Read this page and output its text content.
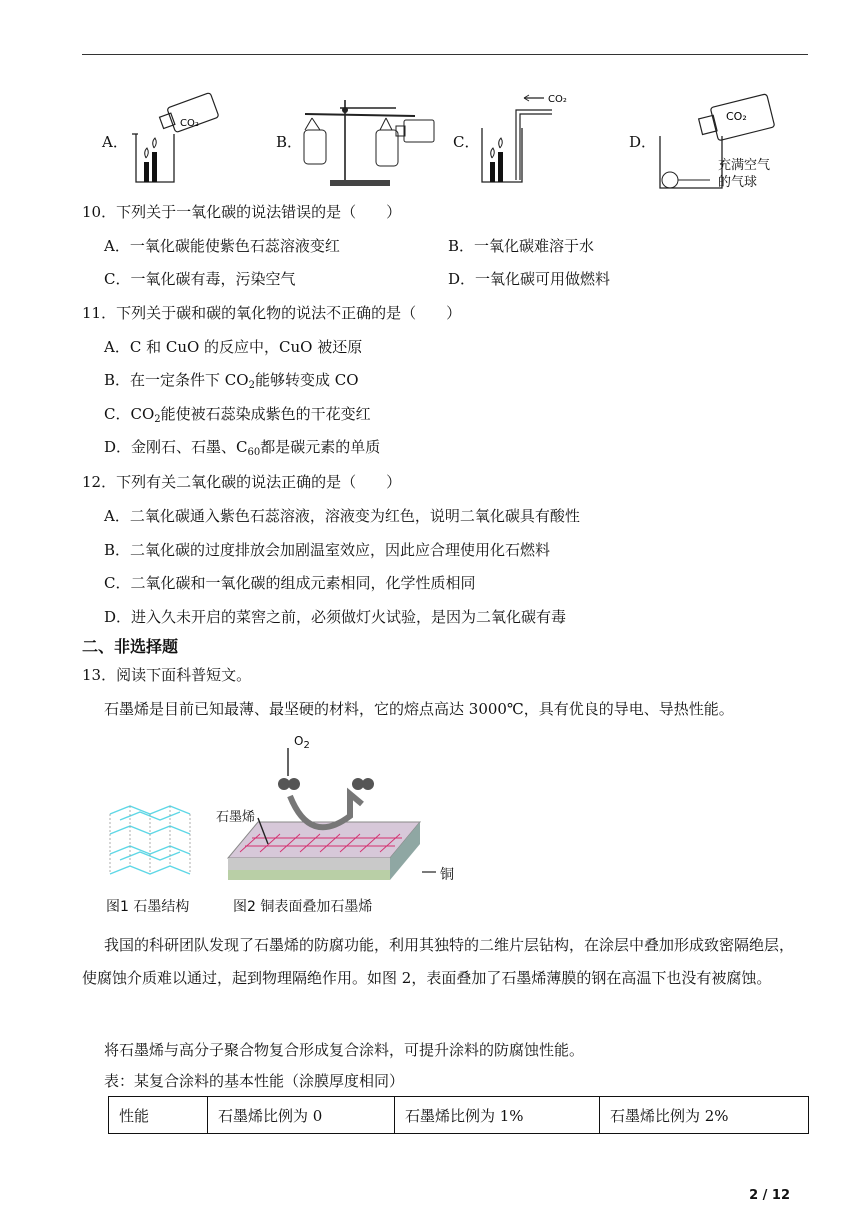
A．
CO₂
B．	C．
CO₂
D．
CO₂
充满空气
的气球
10．下列关于一氧化碳的说法错误的是（　　）
A．一氧化碳能使紫色石蕊溶液变红	B．一氧化碳难溶于水
C．一氧化碳有毒，污染空气	D．一氧化碳可用做燃料
11．下列关于碳和碳的氧化物的说法不正确的是（　　）
A．C 和 CuO 的反应中，CuO 被还原
B．在一定条件下 $CO_2$能够转变成 CO
C．$CO_2$能使被石蕊染成紫色的干花变红
D．金刚石、石墨、$C_{60}$都是碳元素的单质
12．下列有关二氧化碳的说法正确的是（　　）
A．二氧化碳通入紫色石蕊溶液，溶液变为红色，说明二氧化碳具有酸性
B．二氧化碳的过度排放会加剧温室效应，因此应合理使用化石燃料
C．二氧化碳和一氧化碳的组成元素相同，化学性质相同
D．进入久未开启的菜窖之前，必须做灯火试验，是因为二氧化碳有毒
二、非选择题
13．阅读下面科普短文。
石墨烯是目前已知最薄、最坚硬的材料，它的熔点高达 3000℃，具有优良的导电、导热性能。
$O_2$
石墨烯
铜
图1 石墨结构	图2 铜表面叠加石墨烯
我国的科研团队发现了石墨烯的防腐功能，利用其独特的二维片层钻构，在涂层中叠加形成致密隔绝层，使腐蚀介质难以通过，起到物理隔绝作用。如图 2，表面叠加了石墨烯薄膜的钢在高温下也没有被腐蚀。
将石墨烯与高分子聚合物复合形成复合涂料，可提升涂料的防腐蚀性能。
表：某复合涂料的基本性能（涂膜厚度相同）
性能	石墨烯比例为 0	石墨烯比例为 1%	石墨烯比例为 2%
2 / 12
